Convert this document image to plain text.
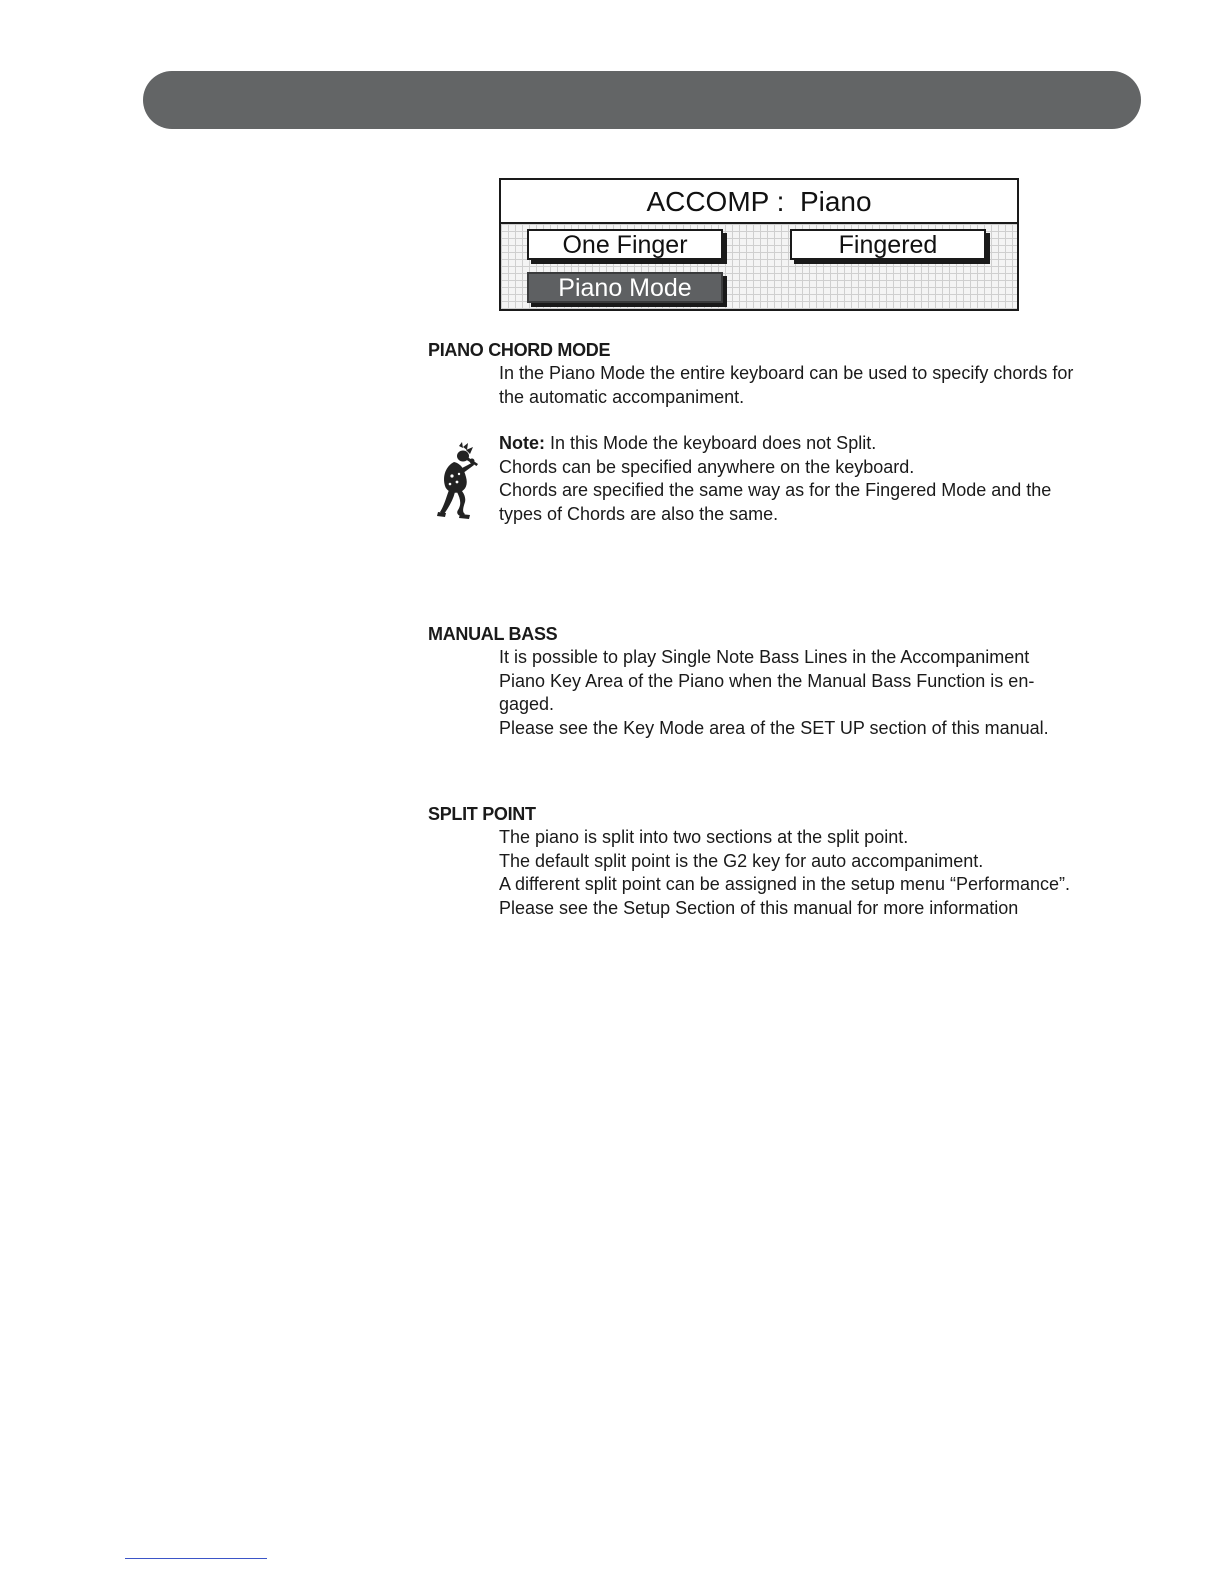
ACCOMP :  Piano
One Finger	Fingered
Piano Mode
PIANO CHORD MODE
In the Piano Mode the entire keyboard can be used to specify chords for
the automatic accompaniment.
Note: In this Mode the keyboard does not Split.
Chords can be specified anywhere on the keyboard.
Chords are specified the same way as for the Fingered Mode and the
types of Chords are also the same.
MANUAL BASS
It is possible to play Single Note Bass Lines in the Accompaniment
Piano Key Area of the Piano when the Manual Bass Function is en-
gaged.
Please see the Key Mode area of the SET UP section of this manual.
SPLIT POINT
The piano is split into two sections at the split point.
The default split point is the G2 key for auto accompaniment.
A different split point can be assigned in the setup menu “Performance”.
Please see the Setup Section of this manual for more information
